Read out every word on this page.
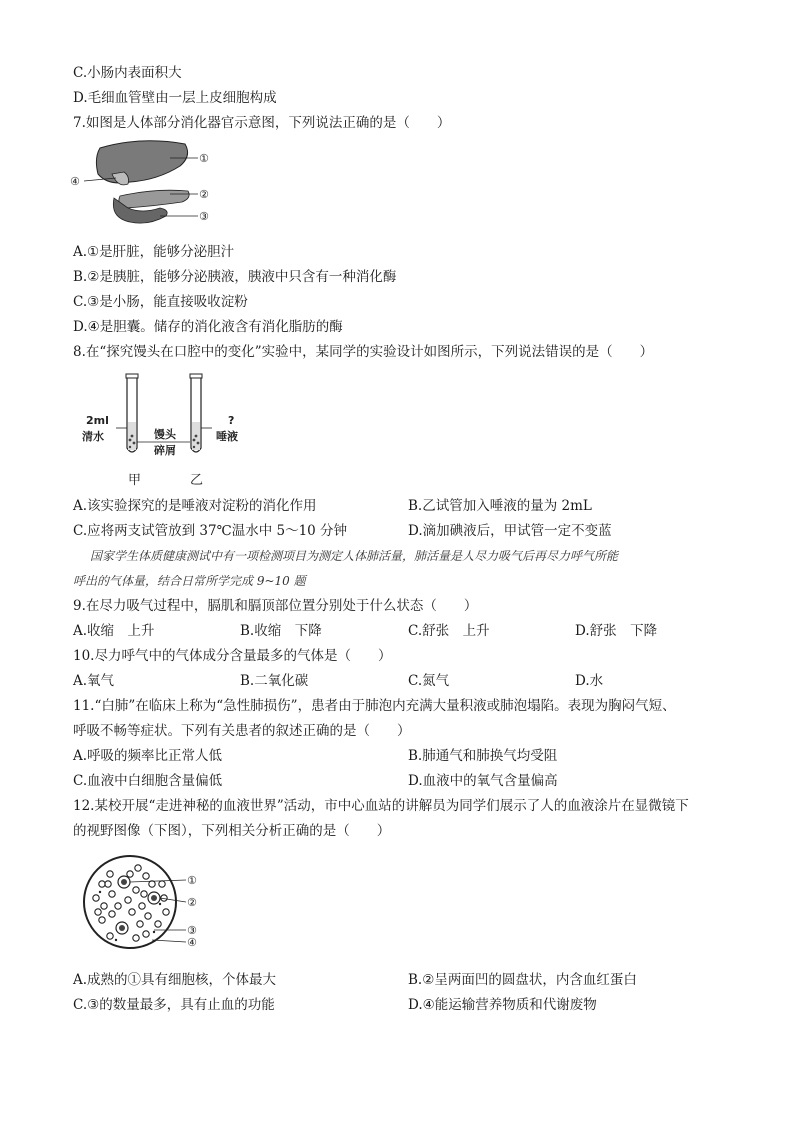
C.小肠内表面积大
D.毛细血管壁由一层上皮细胞构成
7.如图是人体部分消化器官示意图，下列说法正确的是（　　）
①
②
③
④
A.①是肝脏，能够分泌胆汁
B.②是胰脏，能够分泌胰液，胰液中只含有一种消化酶
C.③是小肠，能直接吸收淀粉
D.④是胆囊。储存的消化液含有消化脂肪的酶
8.在“探究馒头在口腔中的变化”实验中，某同学的实验设计如图所示，下列说法错误的是（　　）
2ml
清水	馒头
碎屑
?
唾液
甲	乙
A.该实验探究的是唾液对淀粉的消化作用	B.乙试管加入唾液的量为 2mL
C.应将两支试管放到 37℃温水中 5～10 分钟	D.滴加碘液后，甲试管一定不变蓝
国家学生体质健康测试中有一项检测项目为测定人体肺活量，肺活量是人尽力吸气后再尽力呼气所能
呼出的气体量，结合日常所学完成 9~10 题
9.在尽力吸气过程中，膈肌和膈顶部位置分别处于什么状态（　　）
A.收缩　上升	B.收缩　下降	C.舒张　上升	D.舒张　下降
10.尽力呼气中的气体成分含量最多的气体是（　　）
A.氧气	B.二氧化碳	C.氮气	D.水
11.“白肺”在临床上称为“急性肺损伤”，患者由于肺泡内充满大量积液或肺泡塌陷。表现为胸闷气短、
呼吸不畅等症状。下列有关患者的叙述正确的是（　　）
A.呼吸的频率比正常人低	B.肺通气和肺换气均受阻
C.血液中白细胞含量偏低	D.血液中的氧气含量偏高
12.某校开展“走进神秘的血液世界”活动，市中心血站的讲解员为同学们展示了人的血液涂片在显微镜下
的视野图像（下图），下列相关分析正确的是（　　）
①
②
③
④
A.成熟的①具有细胞核，个体最大	B.②呈两面凹的圆盘状，内含血红蛋白
C.③的数量最多，具有止血的功能	D.④能运输营养物质和代谢废物
